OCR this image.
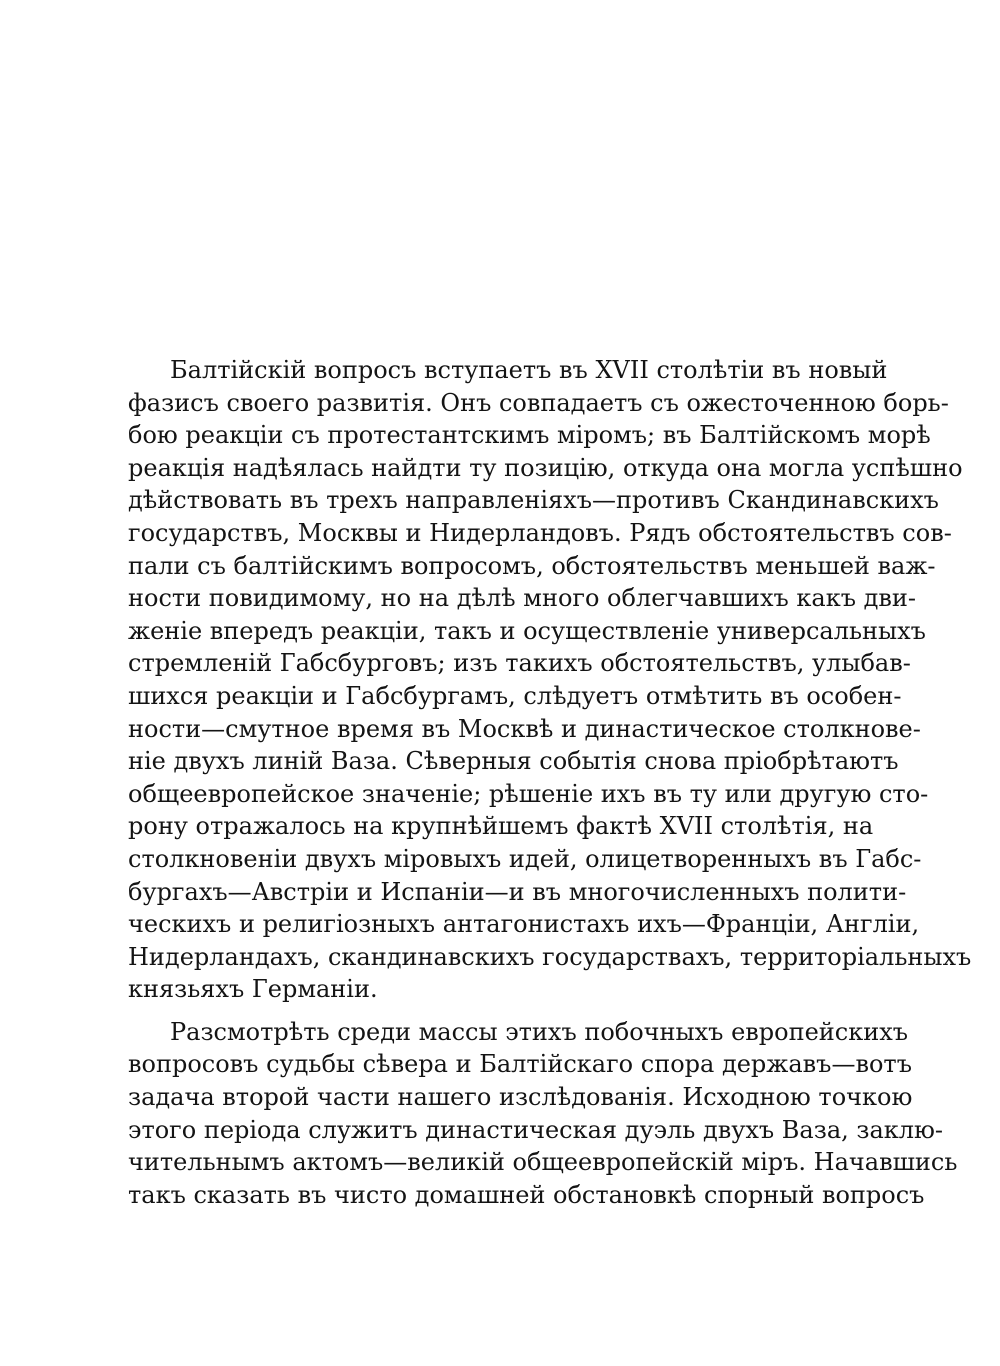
Балтійскій вопросъ вступаетъ въ XVII столѣтіи въ новый
фазисъ своего развитія. Онъ совпадаетъ съ ожесточенною борь-
бою реакціи съ протестантскимъ міромъ; въ Балтійскомъ морѣ
реакція надѣялась найдти ту позицію, откуда она могла успѣшно
дѣйствовать въ трехъ направленіяхъ—противъ Скандинавскихъ
государствъ, Москвы и Нидерландовъ. Рядъ обстоятельствъ сов-
пали съ балтійскимъ вопросомъ, обстоятельствъ меньшей важ-
ности повидимому, но на дѣлѣ много облегчавшихъ какъ дви-
женіе впередъ реакціи, такъ и осуществленіе универсальныхъ
стремленій Габсбурговъ; изъ такихъ обстоятельствъ, улыбав-
шихся реакціи и Габсбургамъ, слѣдуетъ отмѣтить въ особен-
ности—смутное время въ Москвѣ и династическое столкнове-
ніе двухъ линій Ваза. Сѣверныя событія снова пріобрѣтаютъ
общеевропейское значеніе; рѣшеніе ихъ въ ту или другую сто-
рону отражалось на крупнѣйшемъ фактѣ XVII столѣтія, на
столкновеніи двухъ міровыхъ идей, олицетворенныхъ въ Габс-
бургахъ—Австріи и Испаніи—и въ многочисленныхъ полити-
ческихъ и религіозныхъ антагонистахъ ихъ—Франціи, Англіи,
Нидерландахъ, скандинавскихъ государствахъ, территоріальныхъ
князьяхъ Германіи.
Разсмотрѣть среди массы этихъ побочныхъ европейскихъ
вопросовъ судьбы сѣвера и Балтійскаго спора державъ—вотъ
задача второй части нашего изслѣдованія. Исходною точкою
этого періода служитъ династическая дуэль двухъ Ваза, заклю-
чительнымъ актомъ—великій общеевропейскій міръ. Начавшись
такъ сказать въ чисто домашней обстановкѣ спорный вопросъ
